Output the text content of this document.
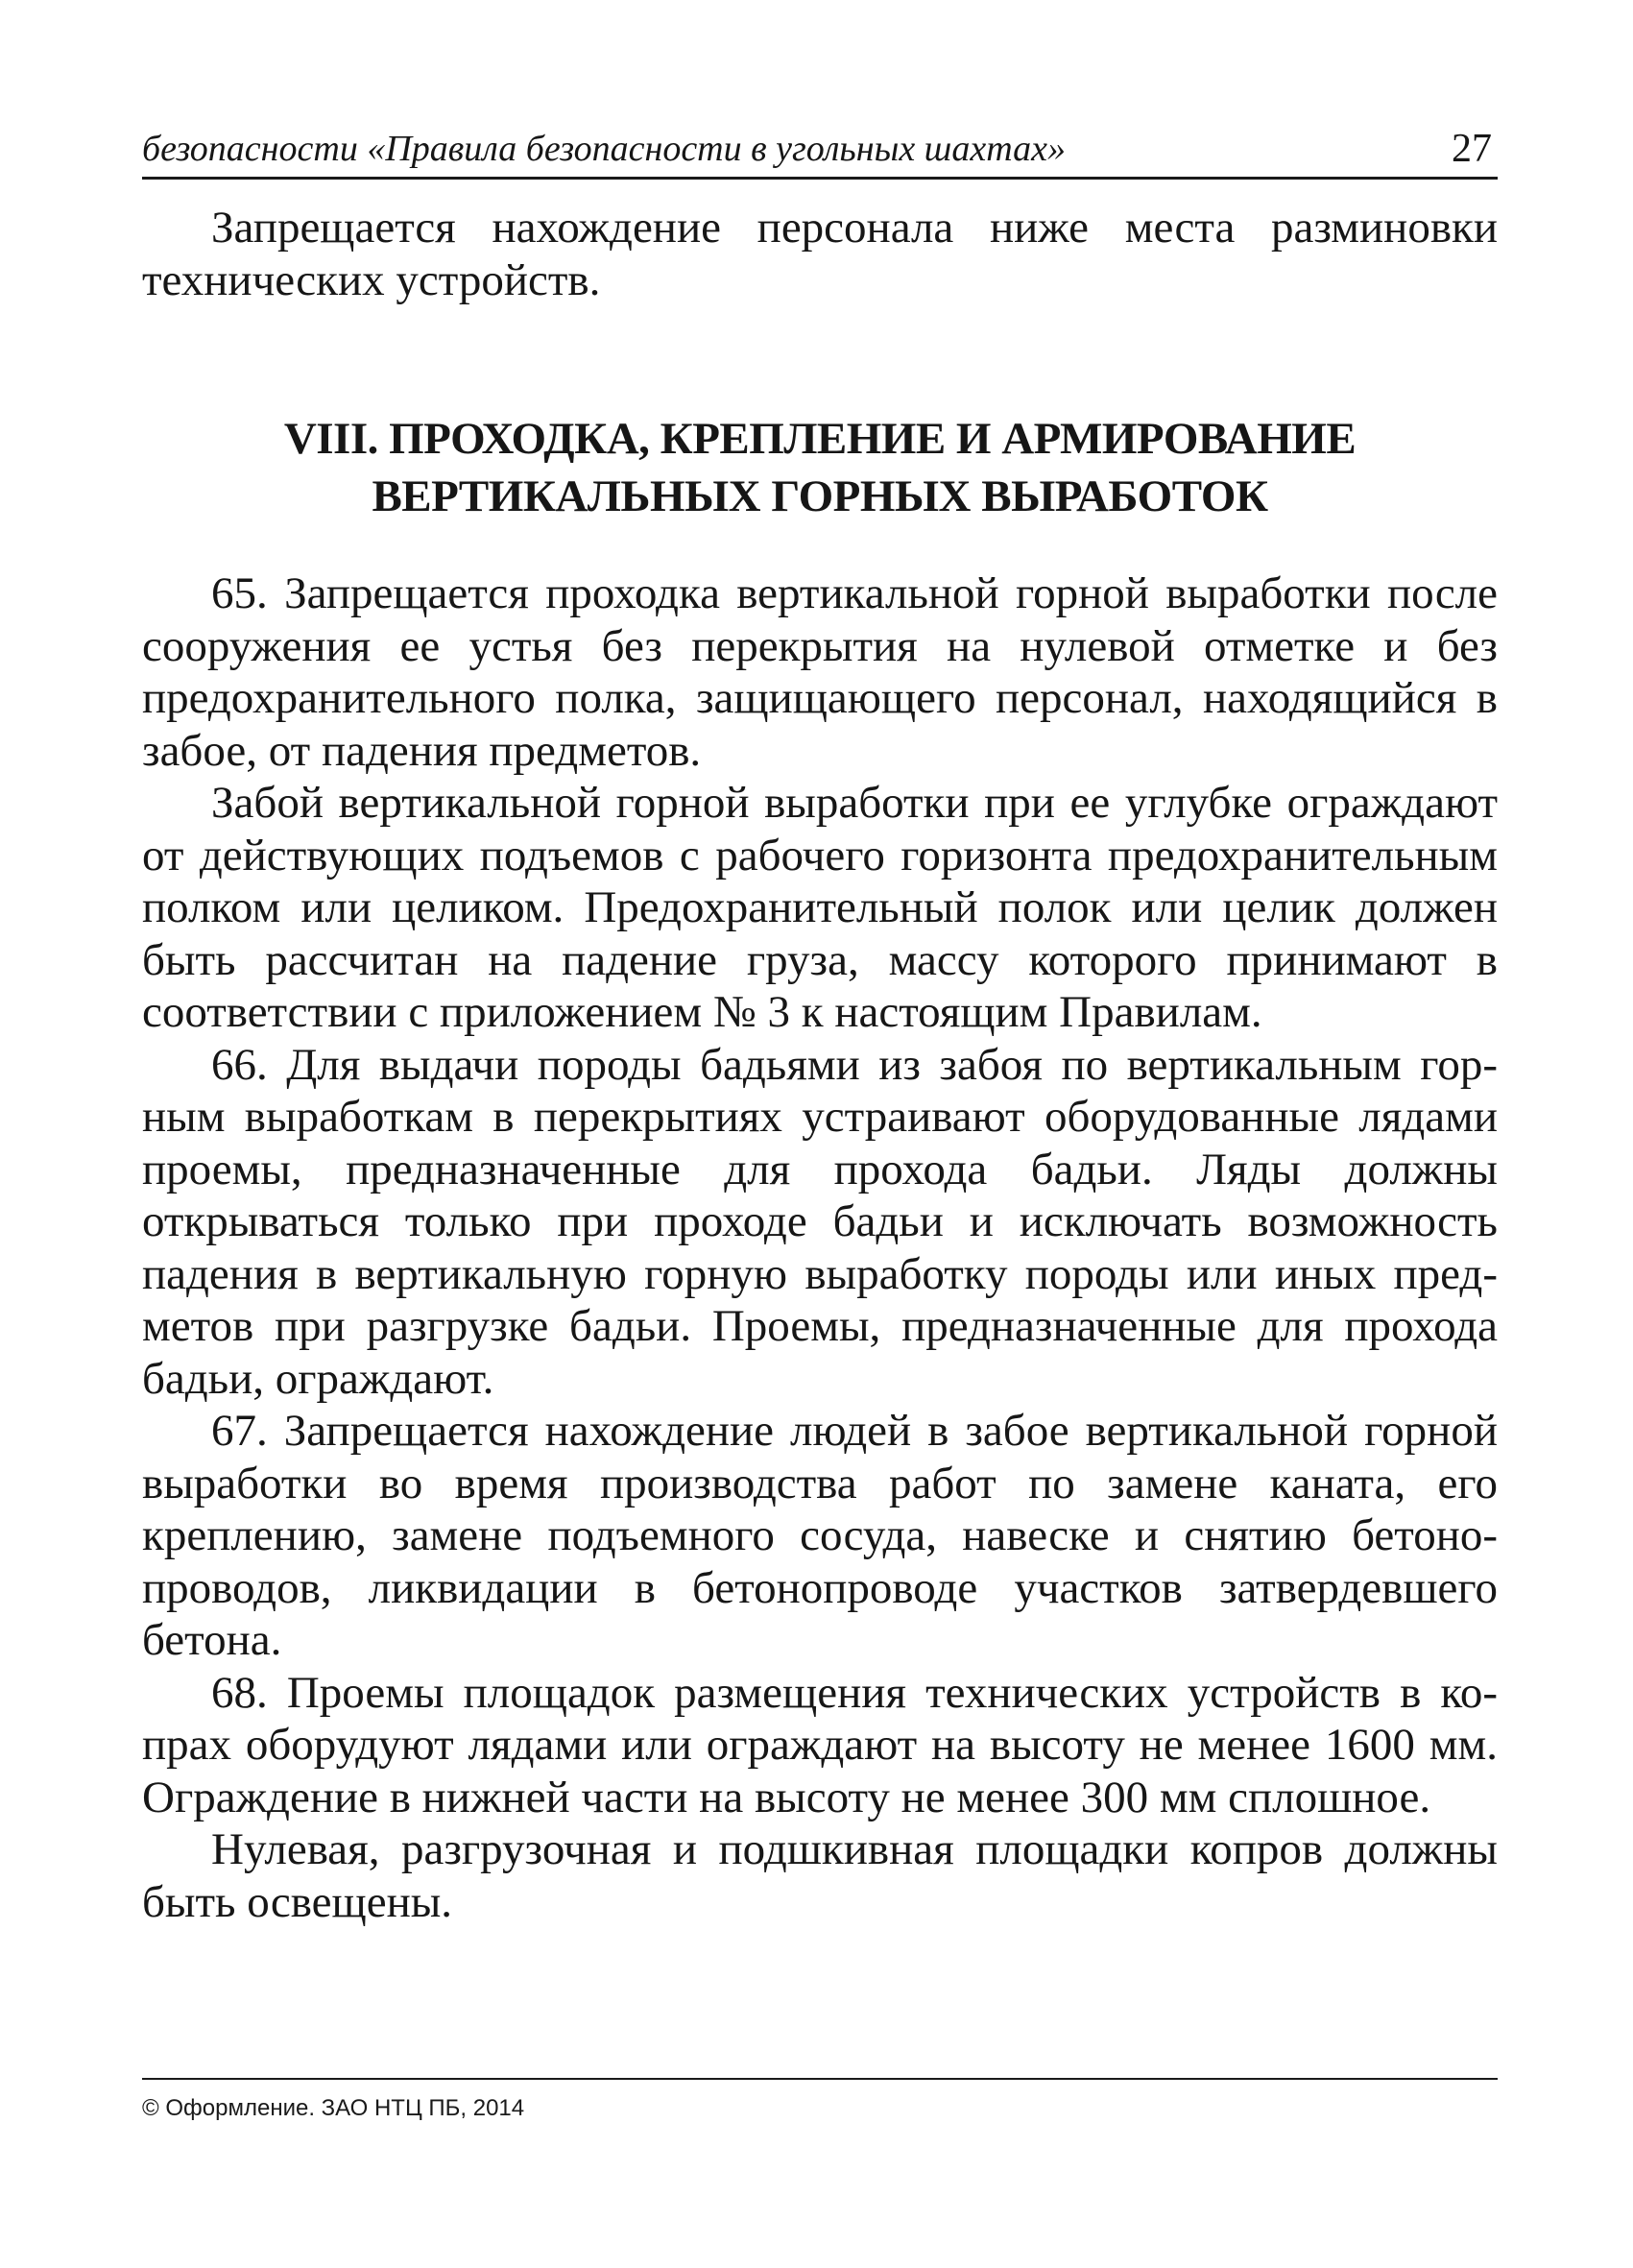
безопасности «Правила безопасности в угольных шахтах»	27

Запрещается нахождение персонала ниже места разминовки технических устройств.

VIII. ПРОХОДКА, КРЕПЛЕНИЕ И АРМИРОВАНИЕ

ВЕРТИКАЛЬНЫХ ГОРНЫХ ВЫРАБОТОК

65. Запрещается проходка вертикальной горной выработки после сооружения ее устья без перекрытия на нулевой отметке и без предохранительного полка, защищающего персонал, находящийся в забое, от падения предметов.

Забой вертикальной горной выработки при ее углубке ограждают от действующих подъемов с рабочего горизонта предохранительным полком или целиком. Предохранительный полок или целик должен быть рассчитан на падение груза, массу которого принимают в соответствии с приложением № 3 к настоящим Правилам.

66. Для выдачи породы бадьями из забоя по вертикальным горным выработкам в перекрытиях устраивают оборудованные лядами проемы, предназначенные для прохода бадьи. Ляды должны открываться только при проходе бадьи и исключать возможность падения в вертикальную горную выработку породы или иных предметов при разгрузке бадьи. Проемы, предназначенные для прохода бадьи, ограждают.

67. Запрещается нахождение людей в забое вертикальной горной выработки во время производства работ по замене каната, его креплению, замене подъемного сосуда, навеске и снятию бетонопроводов, ликвидации в бетонопроводе участков затвердевшего бетона.

68. Проемы площадок размещения технических устройств в копрах оборудуют лядами или ограждают на высоту не менее 1600 мм. Ограждение в нижней части на высоту не менее 300 мм сплошное.

Нулевая, разгрузочная и подшкивная площадки копров должны быть освещены.

© Оформление. ЗАО НТЦ ПБ, 2014
